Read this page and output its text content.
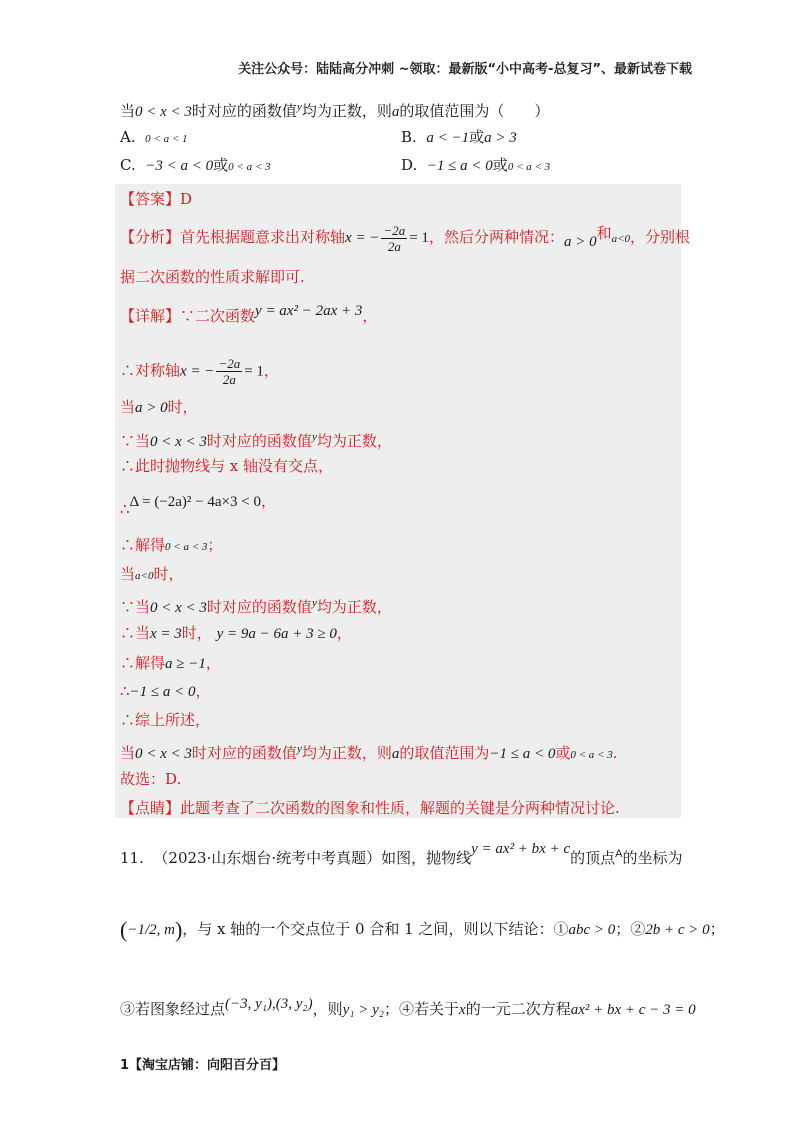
关注公众号：陆陆高分冲刺 ~领取：最新版“小中高考-总复习”、最新试卷下载
当0 < x < 3时对应的函数值$^y$均为正数，则a的取值范围为（　　）
A. 0 < a < 1	B. a < −1或a > 3
C. −3 < a < 0或0 < a < 3	D. −1 ≤ a < 0或0 < a < 3
【答案】D
【分析】首先根据题意求出对称轴x = − $\frac{-2a}{2a} = 1$，然后分两种情况：a > 0和a<0，分别根
据二次函数的性质求解即可.
【详解】∵二次函数y = ax² − 2ax + 3，
∴对称轴x = − $\frac{-2a}{2a} = 1$，
当a > 0时，
∵当0 < x < 3时对应的函数值$^y$均为正数，
∴此时抛物线与 x 轴没有交点，
∴Δ = (−2a)² − 4a×3 < 0，
∴解得0 < a < 3；
当a<0时，
∵当0 < x < 3时对应的函数值$^y$均为正数，
∴当x = 3时， y = 9a − 6a + 3 ≥ 0，
∴解得a ≥ −1，
∴−1 ≤ a < 0，
∴综上所述，
当0 < x < 3时对应的函数值$^y$均为正数，则a的取值范围为−1 ≤ a < 0或0 < a < 3.
故选：D.
【点睛】此题考查了二次函数的图象和性质，解题的关键是分两种情况讨论.
11. （2023·山东烟台·统考中考真题）如图，抛物线y = ax² + bx + c的顶点$^A$的坐标为
(−1/2, m)，与 x 轴的一个交点位于 0 合和 1 之间，则以下结论：①abc > 0；②2b + c > 0；
③若图象经过点(−3, y₁),(3, y₂)，则y₁ > y₂；④若关于x的一元二次方程ax² + bx + c − 3 = 0
1【淘宝店铺：向阳百分百】
